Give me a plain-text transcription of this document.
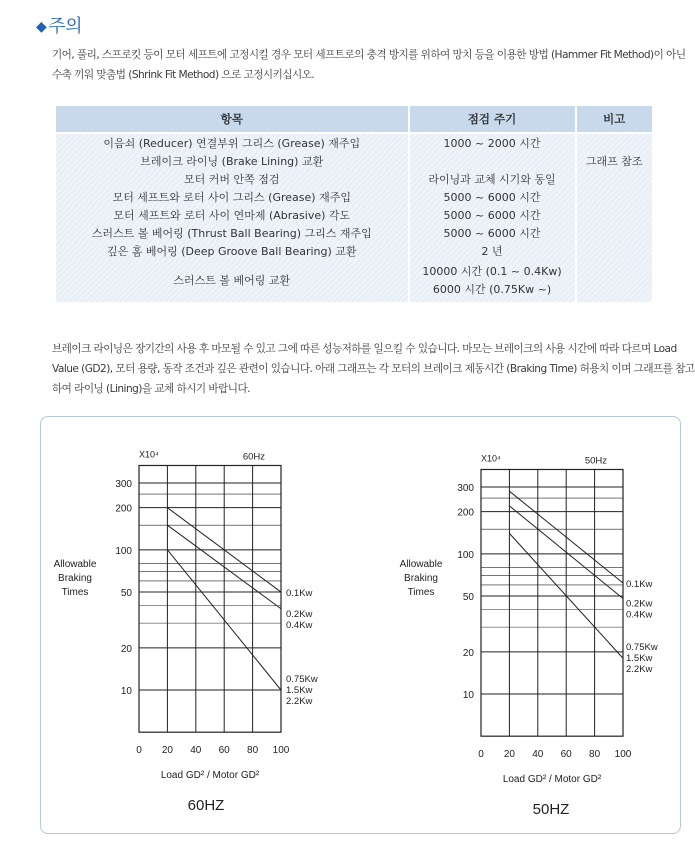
◆ 주의
기어, 풀리, 스프로킷 등이 모터 세프트에 고정시킬 경우 모터 세프트로의 충격 방지를 위하여 망치 등을 이용한 방법 (Hammer Fit Method)이 아닌
수축 끼워 맞춤법 (Shrink Fit Method) 으로 고정시키십시오.
항목	점검 주기	비고
이음쇠 (Reducer) 연결부위 그리스 (Grease) 재주입	1000 ~ 2000 시간	
브레이크 라이닝 (Brake Lining) 교환		그래프 참조
모터 커버 안쪽 점검	라이닝과 교체 시기와 동일	
모터 세프트와 로터 사이 그리스 (Grease) 재주입	5000 ~ 6000 시간	
모터 세프트와 로터 사이 연마제 (Abrasive) 각도	5000 ~ 6000 시간	
스러스트 볼 베어링 (Thrust Ball Bearing) 그리스 재주입	5000 ~ 6000 시간	
깊은 홈 베어링 (Deep Groove Ball Bearing) 교환	2 년	
스러스트 볼 베어링 교환	10000 시간 (0.1 ~ 0.4Kw)
6000 시간 (0.75Kw ~)	

브레이크 라이닝은 장기간의 사용 후 마모될 수 있고 그에 따른 성능저하를 일으킬 수 있습니다. 마모는 브레이크의 사용 시간에 따라 다르며 Load
Value (GD2), 모터 용량, 동작 조건과 깊은 관련이 있습니다. 아래 그래프는 각 모터의 브레이크 제동시간 (Braking Time) 허용치 이며 그래프를 참고
하여 라이닝 (Lining)을 교체 하시기 바랍니다.
10
20
50
100
200
300
0 20 40 60 80 100
X10⁴	60Hz
Allowable
Braking
Times
Load GD² / Motor GD²
0.1Kw
0.2Kw
0.4Kw
0.75Kw
1.5Kw
2.2Kw
60HZ
10
20
50
100
200
300
0 20 40 60 80 100
X10⁴	50Hz
Allowable
Braking
Times
Load GD² / Motor GD²
0.1Kw
0.2Kw
0.4Kw
0.75Kw
1.5Kw
2.2Kw
50HZ
